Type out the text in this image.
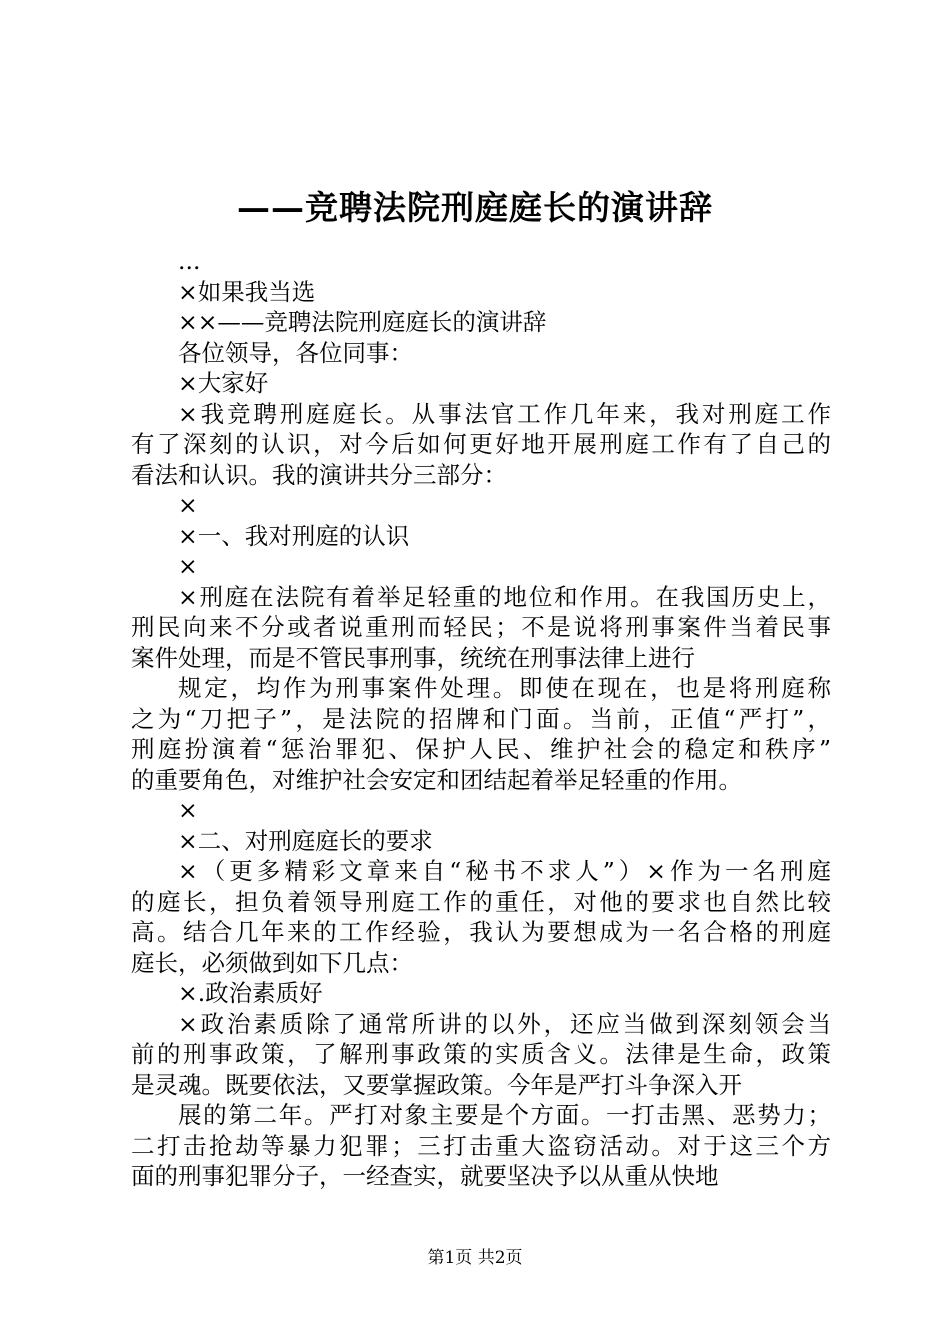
——竞聘法院刑庭庭长的演讲辞
...
×如果我当选
××——竞聘法院刑庭庭长的演讲辞
各位领导，各位同事：
×大家好
×我竞聘刑庭庭长。从事法官工作几年来，我对刑庭工作
有了深刻的认识，对今后如何更好地开展刑庭工作有了自己的
看法和认识。我的演讲共分三部分：
×
×一、我对刑庭的认识
×
×刑庭在法院有着举足轻重的地位和作用。在我国历史上，
刑民向来不分或者说重刑而轻民；不是说将刑事案件当着民事
案件处理，而是不管民事刑事，统统在刑事法律上进行
规定，均作为刑事案件处理。即使在现在，也是将刑庭称
之为“刀把子”，是法院的招牌和门面。当前，正值“严打”，
刑庭扮演着“惩治罪犯、保护人民、维护社会的稳定和秩序”
的重要角色，对维护社会安定和团结起着举足轻重的作用。
×
×二、对刑庭庭长的要求
×（更多精彩文章来自“秘书不求人”）×作为一名刑庭
的庭长，担负着领导刑庭工作的重任，对他的要求也自然比较
高。结合几年来的工作经验，我认为要想成为一名合格的刑庭
庭长，必须做到如下几点：
×.政治素质好
×政治素质除了通常所讲的以外，还应当做到深刻领会当
前的刑事政策，了解刑事政策的实质含义。法律是生命，政策
是灵魂。既要依法，又要掌握政策。今年是严打斗争深入开
展的第二年。严打对象主要是个方面。一打击黑、恶势力；
二打击抢劫等暴力犯罪；三打击重大盗窃活动。对于这三个方
面的刑事犯罪分子，一经查实，就要坚决予以从重从快地
第1页 共2页
